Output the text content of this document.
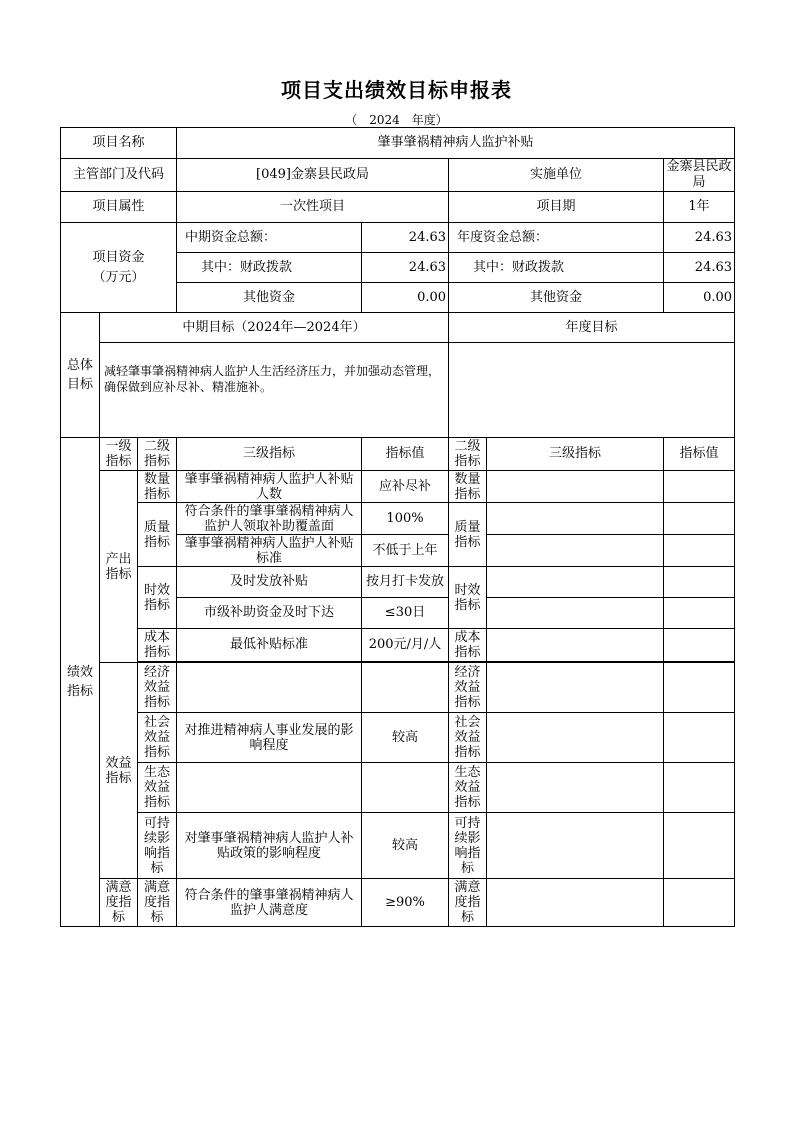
项目支出绩效目标申报表
（　2024　年度）
项目名称			肇事肇祸精神病人监护补贴				
主管部门及代码			[049]金寨县民政局		实施单位		金寨县民政局
项目属性			一次性项目		项目期		1年
项目资金
（万元）			中期资金总额：	24.63	年度资金总额：		24.63
			其中：财政拨款	24.63	其中：财政拨款		24.63
			其他资金	0.00	其他资金		0.00
总体目标	中期目标（2024年—2024年）				年度目标		
	减轻肇事肇祸精神病人监护人生活经济压力，并加强动态管理，确保做到应补尽补、精准施补。						
绩效指标	一级指标	二级指标	三级指标	指标值	二级指标	三级指标	指标值
	产出指标	数量指标	肇事肇祸精神病人监护人补贴人数	应补尽补	数量指标		
		质量指标	符合条件的肇事肇祸精神病人监护人领取补助覆盖面	100%	质量指标		
			肇事肇祸精神病人监护人补贴标准	不低于上年			
		时效指标	及时发放补贴	按月打卡发放	时效指标		
			市级补助资金及时下达	≤30日			
		成本指标	最低补贴标准	200元/月/人	成本指标		

	效益指标	经济效益指标			经济效益指标		
		社会效益指标	对推进精神病人事业发展的影响程度	较高	社会效益指标		
		生态效益指标			生态效益指标		
		可持续影响指标	对肇事肇祸精神病人监护人补贴政策的影响程度	较高	可持续影响指标		
	满意度指标	满意度指标	符合条件的肇事肇祸精神病人监护人满意度	≥90%	满意度指标		
